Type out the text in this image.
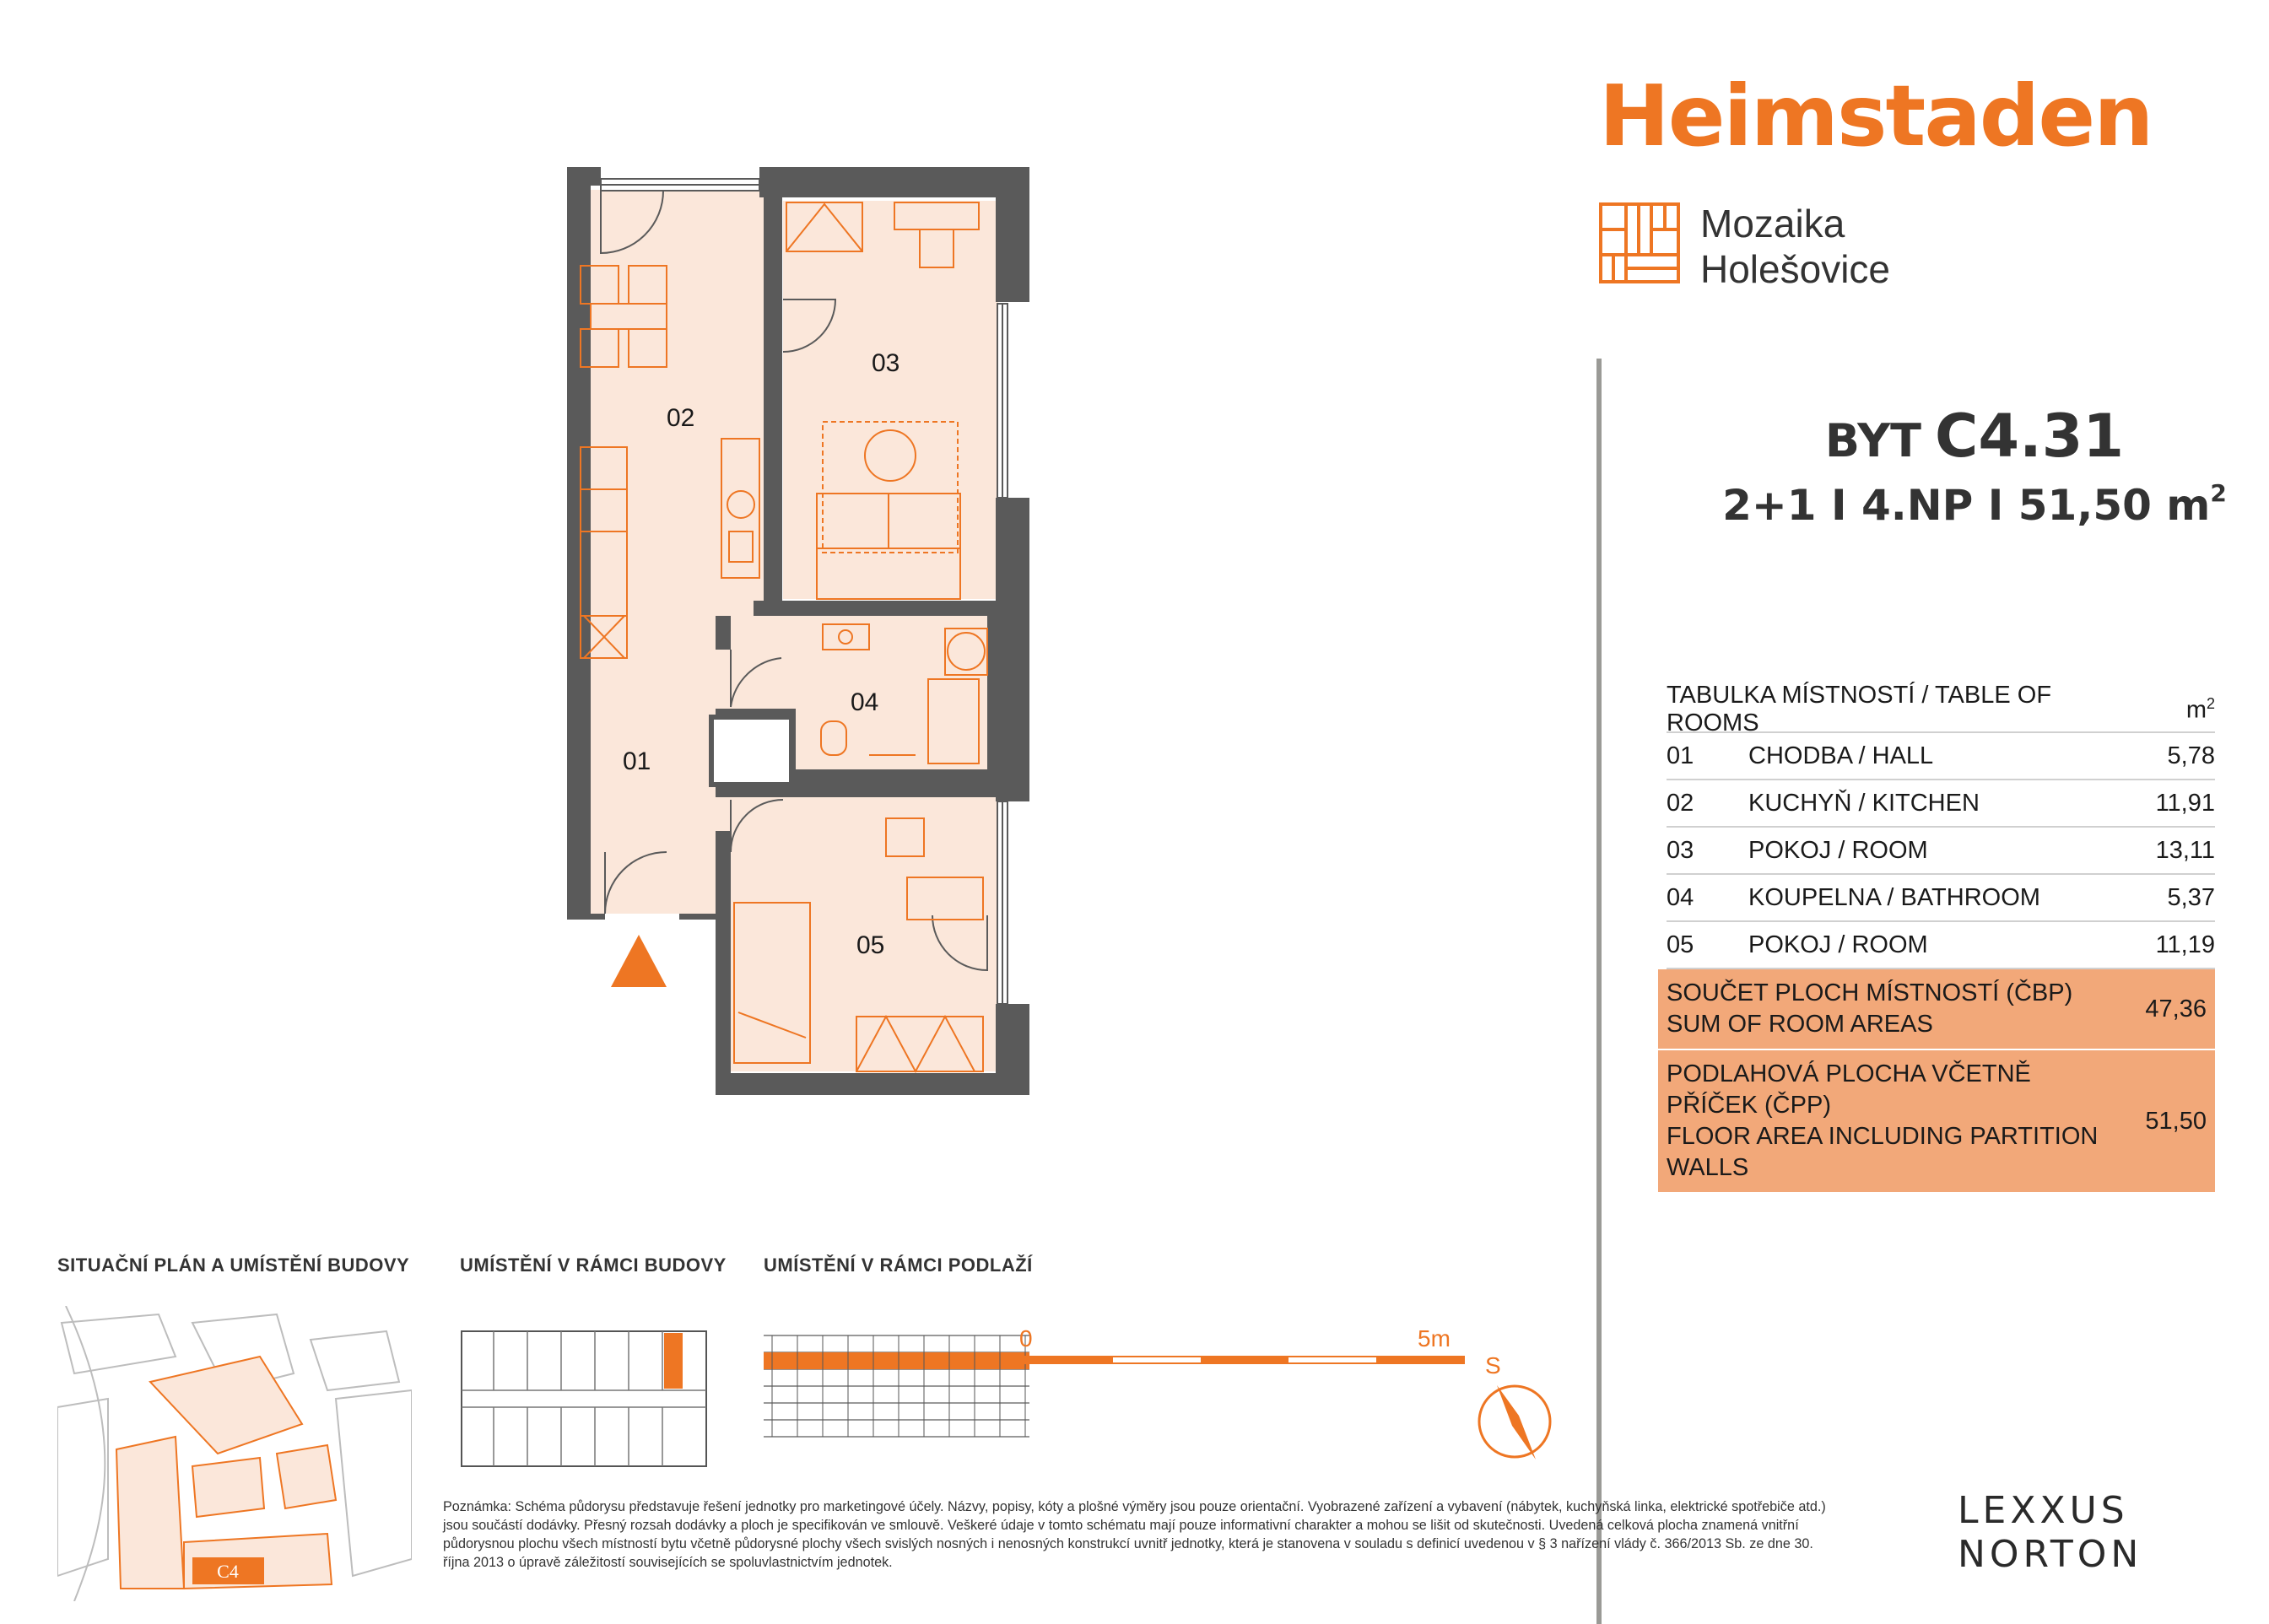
Heimstaden
Mozaika
Holešovice
BYT C4.31
2+1 I 4.NP I 51,50 $m^2$
TABULKA MÍSTNOSTÍ / TABLE OF ROOMS	$m^2$
01	CHODBA / HALL	5,78
02	KUCHYŇ / KITCHEN	11,91
03	POKOJ / ROOM	13,11
04	KOUPELNA / BATHROOM	5,37
05	POKOJ / ROOM	11,19
SOUČET PLOCH MÍSTNOSTÍ (ČBP)
SUM OF ROOM AREAS
47,36
PODLAHOVÁ PLOCHA VČETNĚ PŘÍČEK (ČPP)
FLOOR AREA INCLUDING PARTITION WALLS
51,50
02
03
04
01
05
SITUAČNÍ PLÁN A UMÍSTĚNÍ BUDOVY
C4
UMÍSTĚNÍ V RÁMCI BUDOVY	UMÍSTĚNÍ V RÁMCI PODLAŽÍ
0	5m
S
Poznámka: Schéma půdorysu představuje řešení jednotky pro marketingové účely. Názvy, popisy, kóty a plošné výměry jsou pouze orientační. Vyobrazené zařízení a vybavení (nábytek, kuchyňská linka, elektrické spotřebiče atd.) jsou součástí dodávky. Přesný rozsah dodávky a ploch je specifikován ve smlouvě. Veškeré údaje v tomto schématu mají pouze informativní charakter a mohou se lišit od skutečnosti. Uvedená celková plocha znamená vnitřní půdorysnou plochu všech místností bytu včetně půdorysné plochy všech svislých nosných i nenosných konstrukcí uvnitř jednotky, která je stanovena v souladu s definicí uvedenou v § 3 nařízení vlády č. 366/2013 Sb. ze dne 30. října 2013 o úpravě záležitostí souvisejících se spoluvlastnictvím jednotek.
LEXXUS
NORTON
